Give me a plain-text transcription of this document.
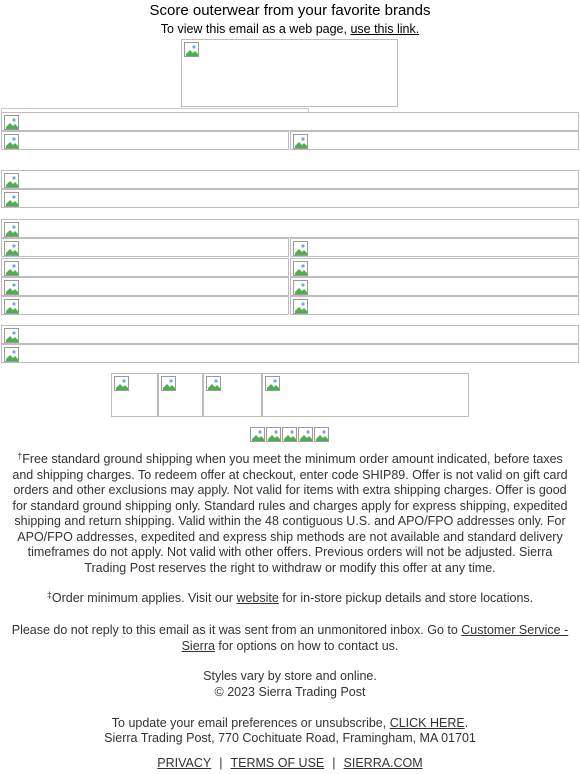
Score outerwear from your favorite brands
To view this email as a web page, use this link.
†Free standard ground shipping when you meet the minimum order amount indicated, before taxes and shipping charges. To redeem offer at checkout, enter code SHIP89. Offer is not valid on gift card orders and other exclusions may apply. Not valid for items with extra shipping charges. Offer is good for standard ground shipping only. Standard rules and charges apply for express shipping, expedited shipping and return shipping. Valid within the 48 contiguous U.S. and APO/FPO addresses only. For APO/FPO addresses, expedited and express ship methods are not available and standard delivery timeframes do not apply. Not valid with other offers. Previous orders will not be adjusted. Sierra Trading Post reserves the right to withdraw or modify this offer at any time.
‡Order minimum applies. Visit our website for in-store pickup details and store locations.
Please do not reply to this email as it was sent from an unmonitored inbox. Go to Customer Service - Sierra for options on how to contact us.
Styles vary by store and online.
© 2023 Sierra Trading Post
To update your email preferences or unsubscribe, CLICK HERE.
Sierra Trading Post, 770 Cochituate Road, Framingham, MA 01701
PRIVACY | TERMS OF USE | SIERRA.COM
